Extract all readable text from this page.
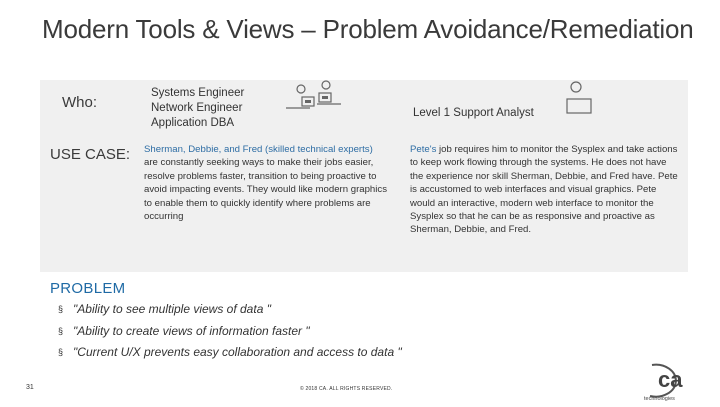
Modern Tools & Views – Problem Avoidance/Remediation
Who:
USE CASE:
Systems Engineer
Network Engineer
Application DBA
Level 1 Support Analyst
Sherman, Debbie, and Fred (skilled technical experts) are constantly seeking ways to make their jobs easier, resolve problems faster, transition to being proactive to avoid impacting events. They would like modern graphics to enable them to quickly identify where problems are occurring
Pete's job requires him to monitor the Sysplex and take actions to keep work flowing through the systems. He does not have the experience nor skill Sherman, Debbie, and Fred have. Pete is accustomed to web interfaces and visual graphics. Pete would an interactive, modern web interface to monitor the Sysplex so that he can be as responsive and proactive as Sherman, Debbie, and Fred.
PROBLEM
§ "Ability to see multiple views of data "
§ "Ability to create views of information faster "
§ "Current U/X prevents easy collaboration and access to data "
31	© 2018 CA. ALL RIGHTS RESERVED.	ca
technologies
